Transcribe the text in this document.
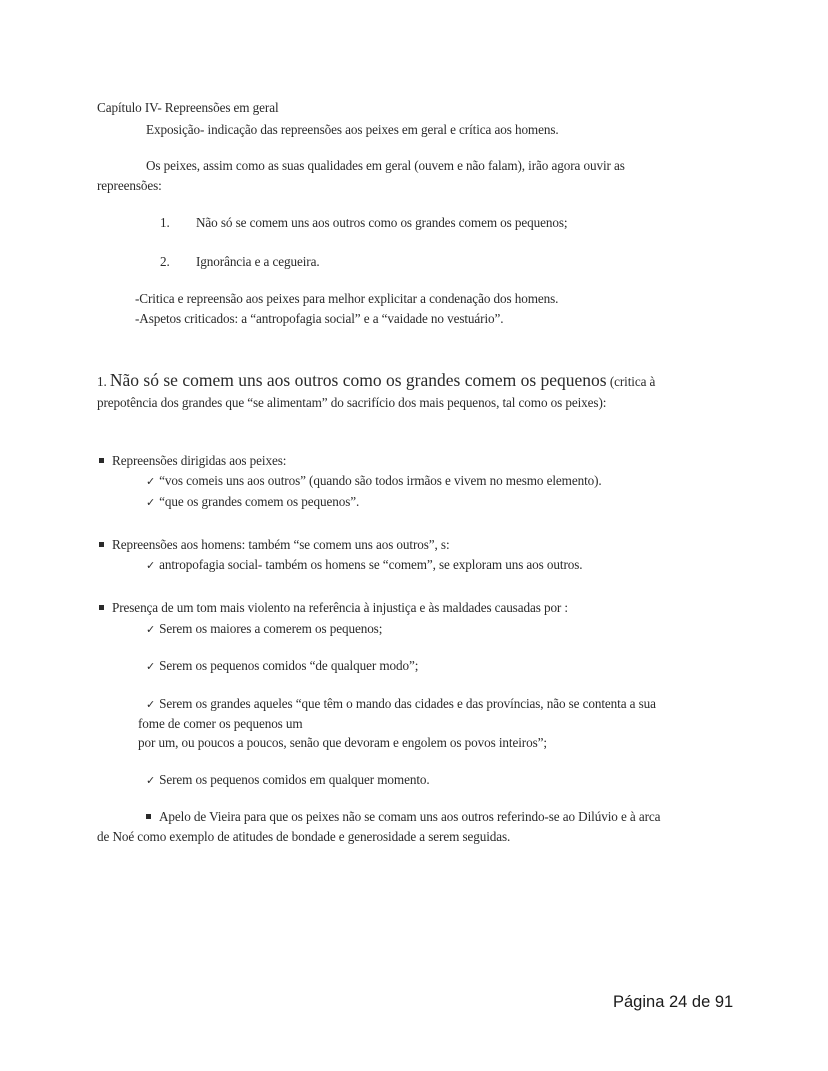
Capítulo IV- Repreensões em geral
Exposição- indicação das repreensões aos peixes em geral e crítica aos homens.
Os peixes, assim como as suas qualidades em geral (ouvem e não falam), irão agora ouvir as
repreensões:
1. Não só se comem uns aos outros como os grandes comem os pequenos;
2. Ignorância e a cegueira.
-Critica e repreensão aos peixes para melhor explicitar a condenação dos homens.
-Aspetos criticados: a “antropofagia social” e a “vaidade no vestuário”.
1. Não só se comem uns aos outros como os grandes comem os pequenos (critica à
prepotência dos grandes que “se alimentam” do sacrifício dos mais pequenos, tal como os peixes):
Repreensões dirigidas aos peixes:
✓ “vos comeis uns aos outros” (quando são todos irmãos e vivem no mesmo elemento).
✓ “que os grandes comem os pequenos”.
Repreensões aos homens: também “se comem uns aos outros”, s:
✓ antropofagia social- também os homens se “comem”, se exploram uns aos outros.
Presença de um tom mais violento na referência à injustiça e às maldades causadas por :
✓ Serem os maiores a comerem os pequenos;
✓ Serem os pequenos comidos “de qualquer modo”;
✓ Serem os grandes aqueles “que têm o mando das cidades e das províncias, não se contenta a sua
fome de comer os pequenos um
por um, ou poucos a poucos, senão que devoram e engolem os povos inteiros”;
✓ Serem os pequenos comidos em qualquer momento.
Apelo de Vieira para que os peixes não se comam uns aos outros referindo-se ao Dilúvio e à arca
de Noé como exemplo de atitudes de bondade e generosidade a serem seguidas.
Página 24 de 91
